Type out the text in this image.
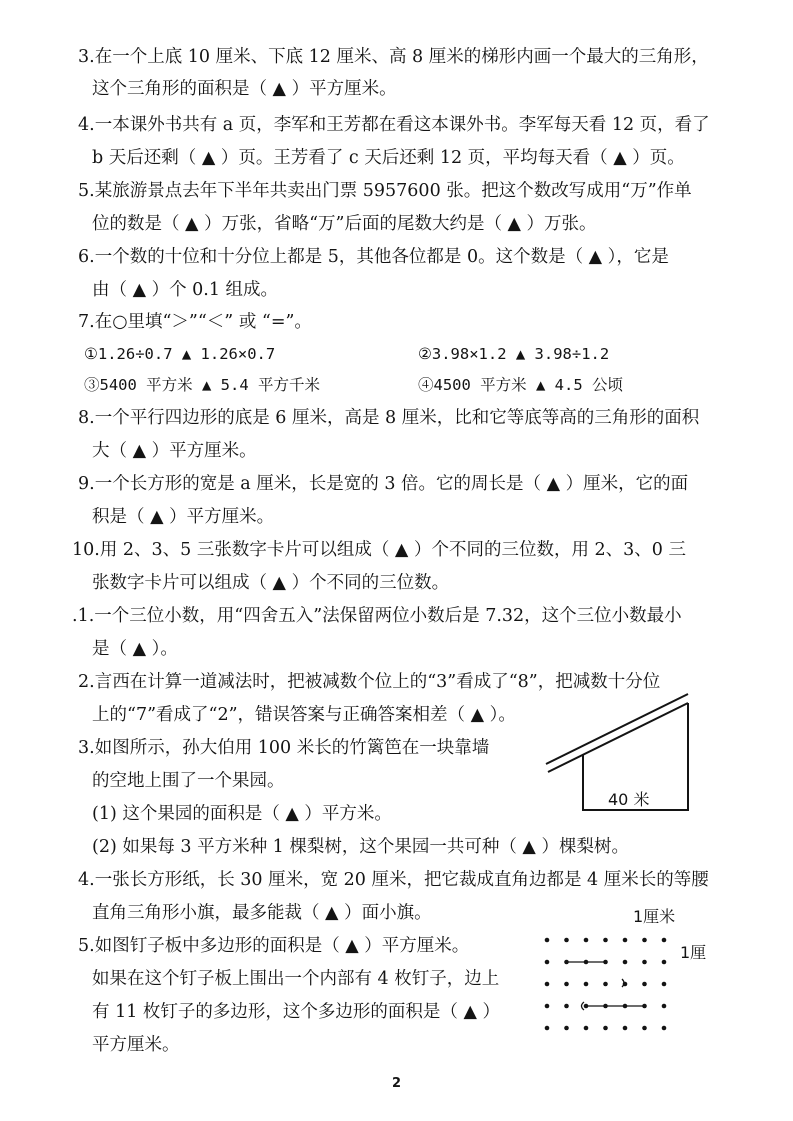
3.在一个上底 10 厘米、下底 12 厘米、高 8 厘米的梯形内画一个最大的三角形，
这个三角形的面积是（ ▲ ）平方厘米。
4.一本课外书共有 a 页，李军和王芳都在看这本课外书。李军每天看 12 页，看了
b 天后还剩（ ▲ ）页。王芳看了 c 天后还剩 12 页，平均每天看（ ▲ ）页。
5.某旅游景点去年下半年共卖出门票 5957600 张。把这个数改写成用“万”作单
位的数是（ ▲ ）万张，省略“万”后面的尾数大约是（ ▲ ）万张。
6.一个数的十位和十分位上都是 5，其他各位都是 0。这个数是（ ▲ ），它是
由（ ▲ ）个 0.1 组成。
7.在○里填“＞”“＜” 或 “=”。
①1.26÷0.7 ▲ 1.26×0.7	②3.98×1.2 ▲ 3.98÷1.2
③5400 平方米 ▲ 5.4 平方千米	④4500 平方米 ▲ 4.5 公顷
8.一个平行四边形的底是 6 厘米，高是 8 厘米，比和它等底等高的三角形的面积
大（ ▲ ）平方厘米。
9.一个长方形的宽是 a 厘米，长是宽的 3 倍。它的周长是（ ▲ ）厘米，它的面
积是（ ▲ ）平方厘米。
10.用 2、3、5 三张数字卡片可以组成（ ▲ ）个不同的三位数，用 2、3、0 三
张数字卡片可以组成（ ▲ ）个不同的三位数。
.1.一个三位小数，用“四舍五入”法保留两位小数后是 7.32，这个三位小数最小
是（ ▲ ）。
2.言西在计算一道减法时，把被减数个位上的“3”看成了“8”，把减数十分位
上的“7”看成了“2”，错误答案与正确答案相差（ ▲ ）。
3.如图所示，孙大伯用 100 米长的竹篱笆在一块靠墙
的空地上围了一个果园。
(1) 这个果园的面积是（ ▲ ）平方米。
(2) 如果每 3 平方米种 1 棵梨树，这个果园一共可种（ ▲ ）棵梨树。
4.一张长方形纸，长 30 厘米，宽 20 厘米，把它裁成直角边都是 4 厘米长的等腰
直角三角形小旗，最多能裁（ ▲ ）面小旗。
5.如图钉子板中多边形的面积是（ ▲ ）平方厘米。
如果在这个钉子板上围出一个内部有 4 枚钉子，边上
有 11 枚钉子的多边形，这个多边形的面积是（ ▲ ）
平方厘米。
40 米
1厘米
1厘
2
